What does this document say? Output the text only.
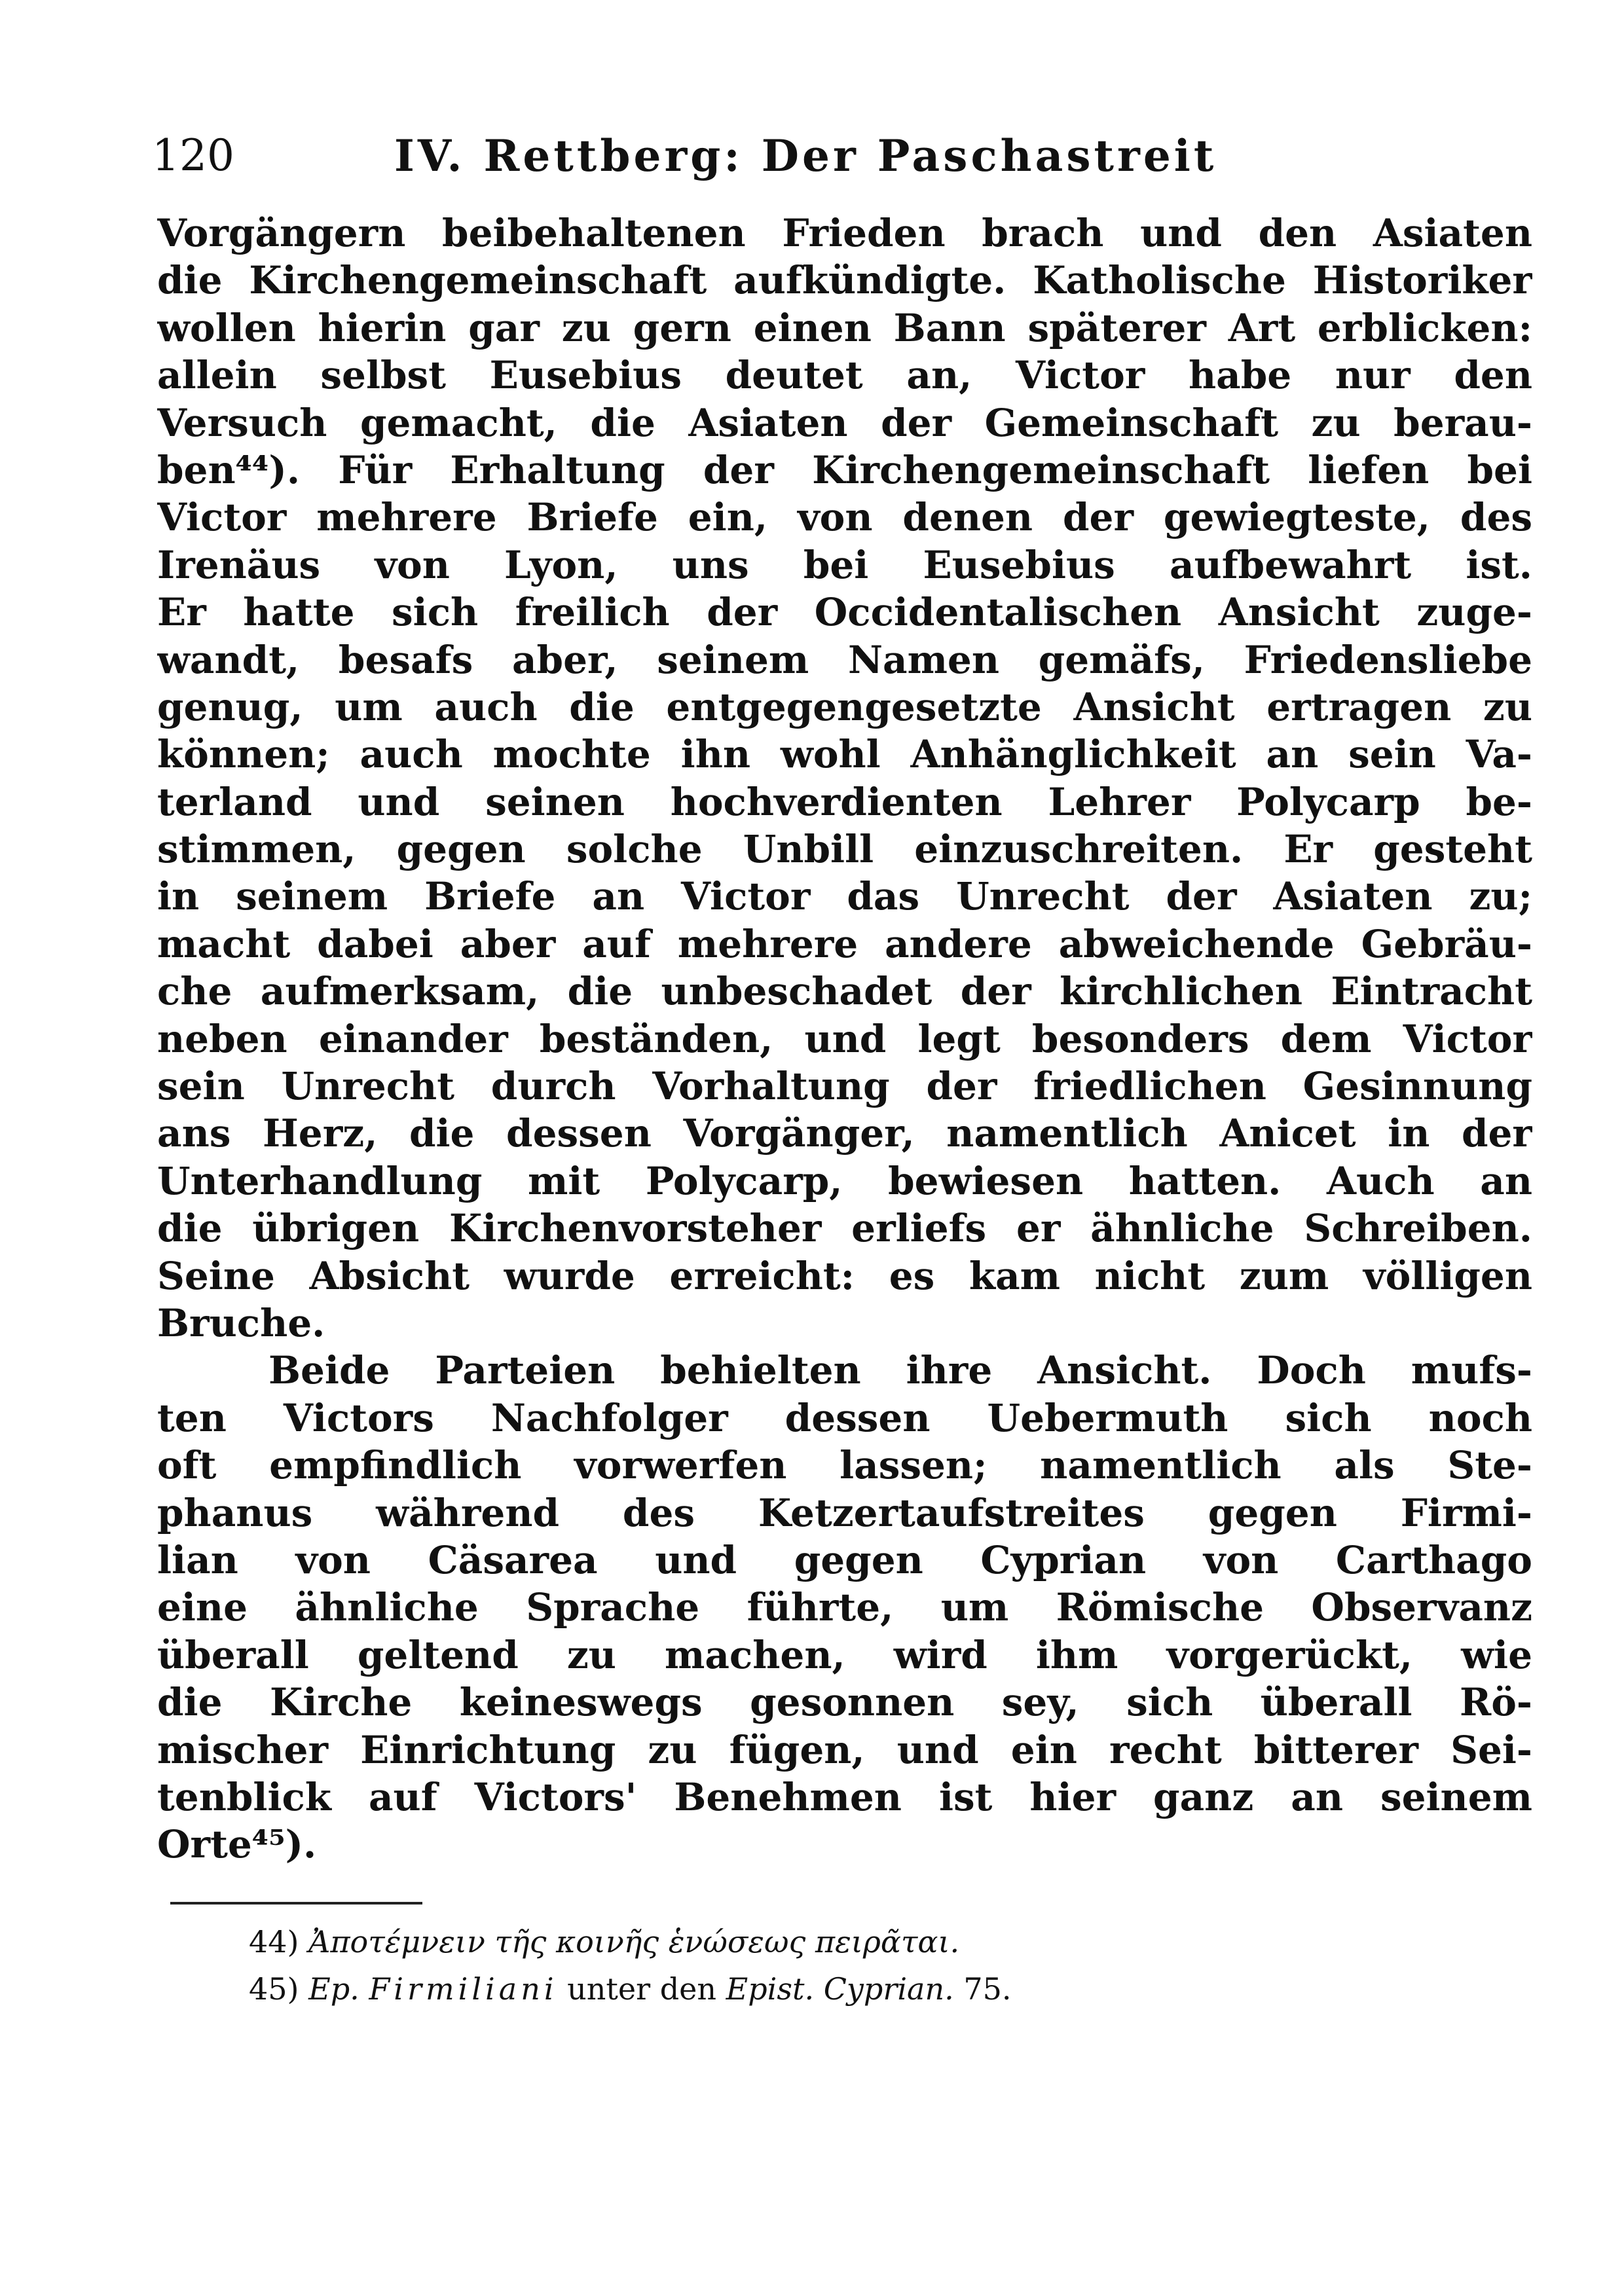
120	IV. Rettberg: Der Paschastreit
Vorgängern beibehaltenen Frieden brach und den Asiaten
die Kirchengemeinschaft aufkündigte. Katholische Historiker
wollen hierin gar zu gern einen Bann späterer Art erblicken:
allein selbst Eusebius deutet an, Victor habe nur den
Versuch gemacht, die Asiaten der Gemeinschaft zu berau-
ben⁴⁴). Für Erhaltung der Kirchengemeinschaft liefen bei
Victor mehrere Briefe ein, von denen der gewiegteste, des
Irenäus von Lyon, uns bei Eusebius aufbewahrt ist.
Er hatte sich freilich der Occidentalischen Ansicht zuge-
wandt, besafs aber, seinem Namen gemäfs, Friedensliebe
genug, um auch die entgegengesetzte Ansicht ertragen zu
können; auch mochte ihn wohl Anhänglichkeit an sein Va-
terland und seinen hochverdienten Lehrer Polycarp be-
stimmen, gegen solche Unbill einzuschreiten. Er gesteht
in seinem Briefe an Victor das Unrecht der Asiaten zu;
macht dabei aber auf mehrere andere abweichende Gebräu-
che aufmerksam, die unbeschadet der kirchlichen Eintracht
neben einander beständen, und legt besonders dem Victor
sein Unrecht durch Vorhaltung der friedlichen Gesinnung
ans Herz, die dessen Vorgänger, namentlich Anicet in der
Unterhandlung mit Polycarp, bewiesen hatten. Auch an
die übrigen Kirchenvorsteher erliefs er ähnliche Schreiben.
Seine Absicht wurde erreicht: es kam nicht zum völligen
Bruche.
Beide Parteien behielten ihre Ansicht. Doch mufs-
ten Victors Nachfolger dessen Uebermuth sich noch
oft empfindlich vorwerfen lassen; namentlich als Ste-
phanus während des Ketzertaufstreites gegen Firmi-
lian von Cäsarea und gegen Cyprian von Carthago
eine ähnliche Sprache führte, um Römische Observanz
überall geltend zu machen, wird ihm vorgerückt, wie
die Kirche keineswegs gesonnen sey, sich überall Rö-
mischer Einrichtung zu fügen, und ein recht bitterer Sei-
tenblick auf Victors' Benehmen ist hier ganz an seinem
Orte⁴⁵).
44) Ἀποτέμνειν τῆς κοινῆς ἑνώσεως πειρᾶται.
45) Ep. Firmiliani unter den Epist. Cyprian. 75.
